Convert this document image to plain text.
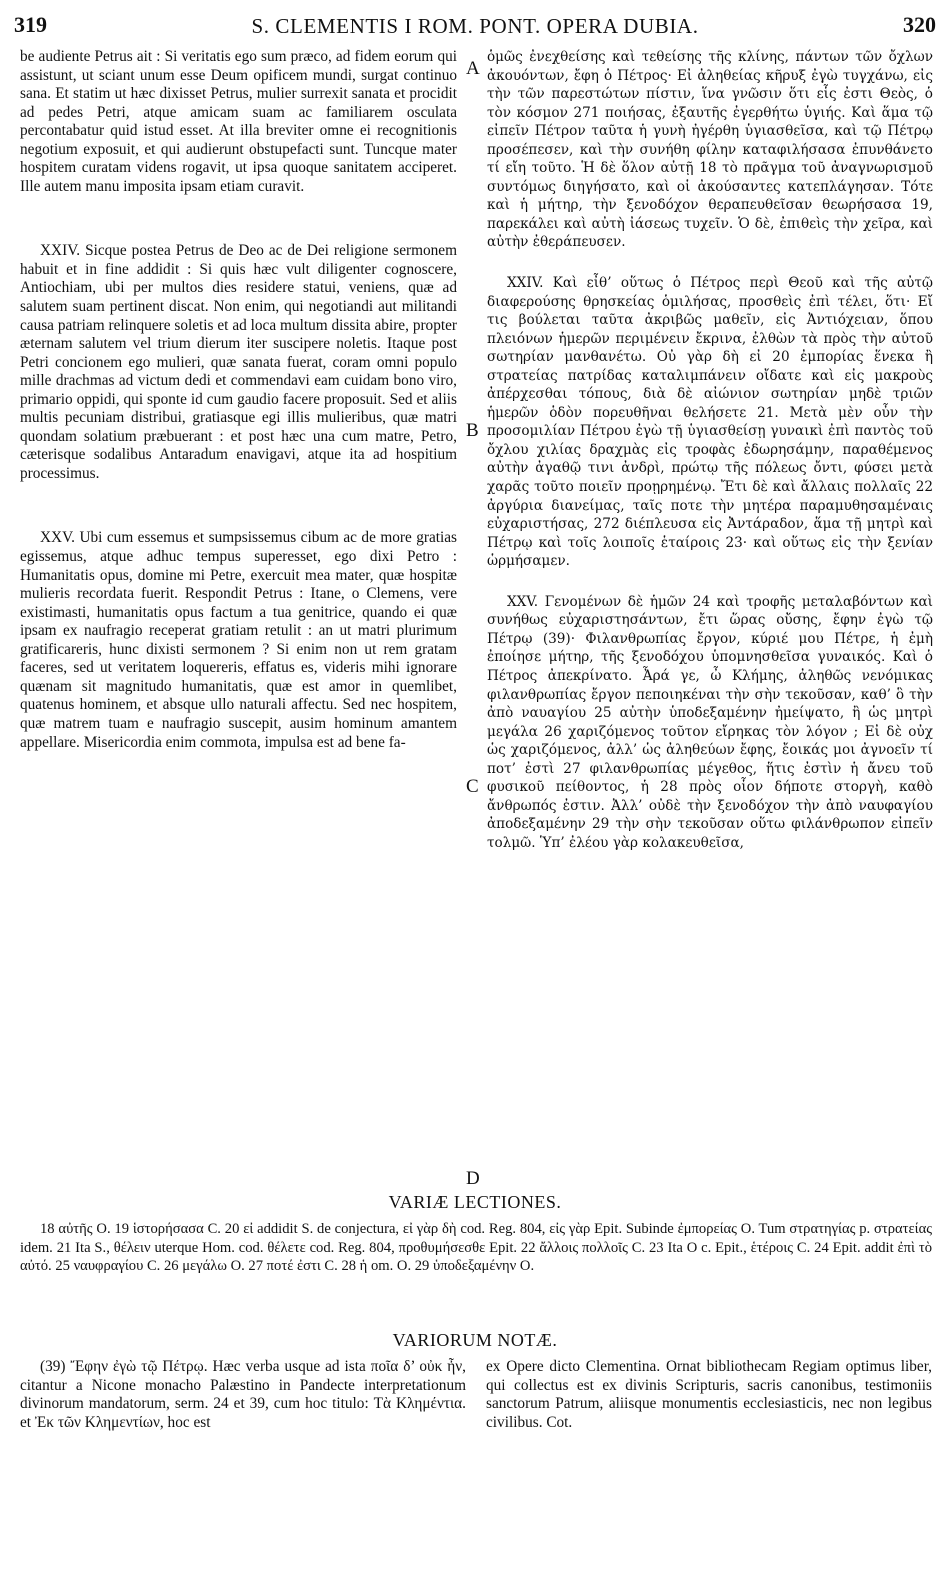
319	S. CLEMENTIS I ROM. PONT. OPERA DUBIA.	320

be audiente Petrus ait : Si veritatis ego sum præco, ad fidem eorum qui assistunt, ut sciant unum esse Deum opificem mundi, surgat continuo sana. Et statim ut hæc dixisset Petrus, mulier surrexit sanata et procidit ad pedes Petri, atque amicam suam ac familiarem osculata percontabatur quid istud esset. At illa breviter omne ei recognitionis negotium exposuit, et qui audierunt obstupefacti sunt. Tuncque mater hospitem curatam videns rogavit, ut ipsa quoque sanitatem acciperet. Ille autem manu imposita ipsam etiam curavit.

XXIV. Sicque postea Petrus de Deo ac de Dei religione sermonem habuit et in fine addidit : Si quis hæc vult diligenter cognoscere, Antiochiam, ubi per multos dies residere statui, veniens, quæ ad salutem suam pertinent discat. Non enim, qui negotiandi aut militandi causa patriam relinquere soletis et ad loca multum dissita abire, propter æternam salutem vel trium dierum iter suscipere noletis. Itaque post Petri concionem ego mulieri, quæ sanata fuerat, coram omni populo mille drachmas ad victum dedi et commendavi eam cuidam bono viro, primario oppidi, qui sponte id cum gaudio facere proposuit. Sed et aliis multis pecuniam distribui, gratiasque egi illis mulieribus, quæ matri quondam solatium præbuerant : et post hæc una cum matre, Petro, cæterisque sodalibus Antaradum enavigavi, atque ita ad hospitium processimus.

XXV. Ubi cum essemus et sumpsissemus cibum ac de more gratias egissemus, atque adhuc tempus superesset, ego dixi Petro : Humanitatis opus, domine mi Petre, exercuit mea mater, quæ hospitæ mulieris recordata fuerit. Respondit Petrus : Itane, o Clemens, vere existimasti, humanitatis opus factum a tua genitrice, quando ei quæ ipsam ex naufragio receperat gratiam retulit : an ut matri plurimum gratificareris, hunc dixisti sermonem ? Si enim non ut rem gratam faceres, sed ut veritatem loquereris, effatus es, videris mihi ignorare quænam sit magnitudo humanitatis, quæ est amor in quemlibet, quatenus hominem, et absque ullo naturali affectu. Sed nec hospitem, quæ matrem tuam e naufragio suscepit, ausim hominum amantem appellare. Misericordia enim commota, impulsa est ad bene fa-

A
B
C
D

ὁμῶς ἐνεχθείσης καὶ τεθείσης τῆς κλίνης, πάντων τῶν ὄχλων ἀκουόντων, ἔφη ὁ Πέτρος· Εἰ ἀληθείας κῆρυξ ἐγὼ τυγχάνω, εἰς τὴν τῶν παρεστώτων πίστιν, ἵνα γνῶσιν ὅτι εἷς ἐστι Θεὸς, ὁ τὸν κόσμον 271 ποιήσας, ἐξαυτῆς ἐγερθήτω ὑγιής. Καὶ ἅμα τῷ εἰπεῖν Πέτρον ταῦτα ἡ γυνὴ ἠγέρθη ὑγιασθεῖσα, καὶ τῷ Πέτρῳ προσέπεσεν, καὶ τὴν συνήθη φίλην καταφιλήσασα ἐπυνθάνετο τί εἴη τοῦτο. Ἡ δὲ ὅλον αὐτῇ 18 τὸ πρᾶγμα τοῦ ἀναγνωρισμοῦ συντόμως διηγήσατο, καὶ οἱ ἀκούσαντες κατεπλάγησαν. Τότε καὶ ἡ μήτηρ, τὴν ξενοδόχον θεραπευθεῖσαν θεωρήσασα 19, παρεκάλει καὶ αὐτὴ ἰάσεως τυχεῖν. Ὁ δὲ, ἐπιθεὶς τὴν χεῖρα, καὶ αὐτὴν ἐθεράπευσεν.

XXIV. Καὶ εἶθ’ οὕτως ὁ Πέτρος περὶ Θεοῦ καὶ τῆς αὐτῷ διαφερούσης θρησκείας ὁμιλήσας, προσθεὶς ἐπὶ τέλει, ὅτι· Εἴ τις βούλεται ταῦτα ἀκριβῶς μαθεῖν, εἰς Ἀντιόχειαν, ὅπου πλειόνων ἡμερῶν περιμένειν ἔκρινα, ἐλθὼν τὰ πρὸς τὴν αὐτοῦ σωτηρίαν μανθανέτω. Οὐ γὰρ δὴ εἰ 20 ἐμπορίας ἕνεκα ἢ στρατείας πατρίδας καταλιμπάνειν οἴδατε καὶ εἰς μακροὺς ἀπέρχεσθαι τόπους, διὰ δὲ αἰώνιον σωτηρίαν μηδὲ τριῶν ἡμερῶν ὁδὸν πορευθῆναι θελήσετε 21. Μετὰ μὲν οὖν τὴν προσομιλίαν Πέτρου ἐγὼ τῇ ὑγιασθείσῃ γυναικὶ ἐπὶ παντὸς τοῦ ὄχλου χιλίας δραχμὰς εἰς τροφὰς ἐδωρησάμην, παραθέμενος αὐτὴν ἀγαθῷ τινι ἀνδρὶ, πρώτῳ τῆς πόλεως ὄντι, φύσει μετὰ χαρᾶς τοῦτο ποιεῖν προῃρημένῳ. Ἔτι δὲ καὶ ἄλλαις πολλαῖς 22 ἀργύρια διανείμας, ταῖς ποτε τὴν μητέρα παραμυθησαμέναις εὐχαριστήσας, 272 διέπλευσα εἰς Ἀντάραδον, ἅμα τῇ μητρὶ καὶ Πέτρῳ καὶ τοῖς λοιποῖς ἑταίροις 23· καὶ οὕτως εἰς τὴν ξενίαν ὡρμήσαμεν.

XXV. Γενομένων δὲ ἡμῶν 24 καὶ τροφῆς μεταλαβόντων καὶ συνήθως εὐχαριστησάντων, ἔτι ὥρας οὔσης, ἔφην ἐγὼ τῷ Πέτρῳ (39)· Φιλανθρωπίας ἔργον, κύριέ μου Πέτρε, ἡ ἐμὴ ἐποίησε μήτηρ, τῆς ξενοδόχου ὑπομνησθεῖσα γυναικός. Καὶ ὁ Πέτρος ἀπεκρίνατο. Ἆρά γε, ὦ Κλήμης, ἀληθῶς νενόμικας φιλανθρωπίας ἔργον πεποιηκέναι τὴν σὴν τεκοῦσαν, καθ’ ὃ τὴν ἀπὸ ναυαγίου 25 αὐτὴν ὑποδεξαμένην ἠμείψατο, ἢ ὡς μητρὶ μεγάλα 26 χαριζόμενος τοῦτον εἴρηκας τὸν λόγον ; Εἰ δὲ οὐχ ὡς χαριζόμενος, ἀλλ’ ὡς ἀληθεύων ἔφης, ἔοικάς μοι ἀγνοεῖν τί ποτ’ ἐστὶ 27 φιλανθρωπίας μέγεθος, ἥτις ἐστὶν ἡ ἄνευ τοῦ φυσικοῦ πείθοντος, ἡ 28 πρὸς οἷον δήποτε στοργὴ, καθὸ ἄνθρωπός ἐστιν. Ἀλλ’ οὐδὲ τὴν ξενοδόχον τὴν ἀπὸ ναυφαγίου ἀποδεξαμένην 29 τὴν σὴν τεκοῦσαν οὕτω φιλάνθρωπον εἰπεῖν τολμῶ. Ὑπ’ ἐλέου γὰρ κολακευθεῖσα,

VARIÆ LECTIONES.

18 αὐτῆς O. 19 ἱστορήσασα C. 20 εἰ addidit S. de conjectura, εἰ γὰρ δὴ cod. Reg. 804, εἰς γὰρ Epit. Subinde ἐμπορείας O. Tum στρατηγίας p. στρατείας idem. 21 Ita S., θέλειν uterque Hom. cod. θέλετε cod. Reg. 804, προθυμήσεσθε Epit. 22 ἄλλοις πολλοῖς C. 23 Ita O c. Epit., ἑτέροις C. 24 Epit. addit ἐπὶ τὸ αὐτό. 25 ναυφραγίου C. 26 μεγάλω O. 27 ποτέ ἐστι C. 28 ἡ om. O. 29 ὑποδεξαμένην O.

VARIORUM NOTÆ.

(39) Ἔφην ἐγὼ τῷ Πέτρῳ. Hæc verba usque ad ista ποῖα δ’ οὐκ ἦν, citantur a Nicone monacho Palæstino in Pandecte interpretationum divinorum mandatorum, serm. 24 et 39, cum hoc titulo: Τὰ Κλημέντια. et Ἐκ τῶν Κλημεντίων, hoc est

ex Opere dicto Clementina. Ornat bibliothecam Regiam optimus liber, qui collectus est ex divinis Scripturis, sacris canonibus, testimoniis sanctorum Patrum, aliisque monumentis ecclesiasticis, nec non legibus civilibus. Cot.
